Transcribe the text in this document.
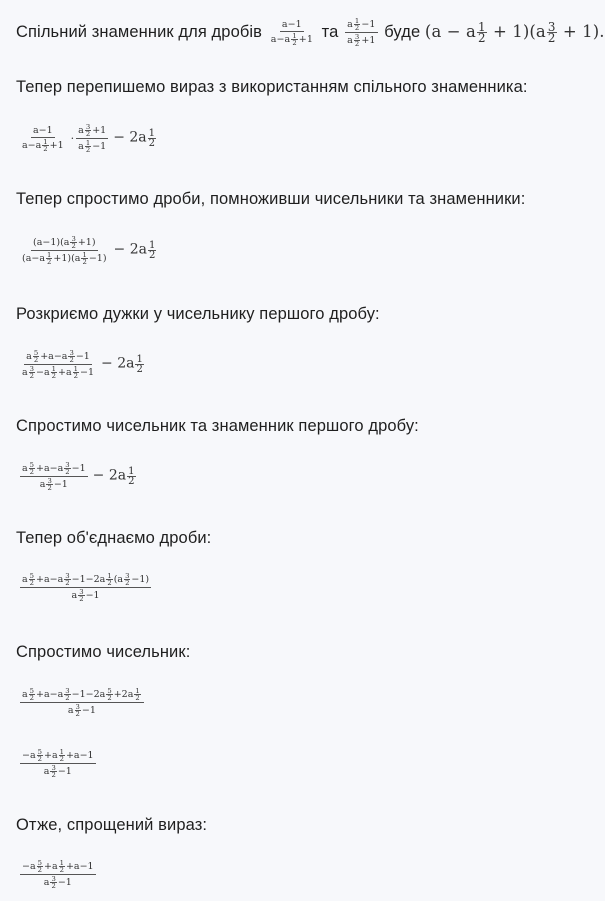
Спільний знаменник для дробів $\frac{a-1}{a-a \frac{1}{2} +1}$ та $\frac{a \frac{1}{2} -1}{a \frac{3}{2} +1}$ буде (a − a $\frac{1}{2} + 1)(a \frac{3}{2} + 1)$.
Тепер перепишемо вираз з використанням спільного знаменника:
$\frac{a-1}{a-a \frac{1}{2} +1} \cdot \frac{a \frac{3}{2} +1}{a \frac{1}{2} -1} - 2a \frac{1}{2}$
Тепер спростимо дроби, помноживши чисельники та знаменники:
$\frac{(a-1)(a \frac{3}{2} +1)}{(a-a \frac{1}{2} +1)(a \frac{1}{2} -1)} - 2a \frac{1}{2}$
Розкриємо дужки у чисельнику першого дробу:
$\frac{a \frac{5}{2} +a-a \frac{3}{2} -1}{a \frac{3}{2} -a \frac{1}{2} +a \frac{1}{2} -1} - 2a \frac{1}{2}$
Спростимо чисельник та знаменник першого дробу:
$\frac{a \frac{5}{2} +a-a \frac{3}{2} -1}{a \frac{3}{2} -1} - 2a \frac{1}{2}$
Тепер об'єднаємо дроби:
$\frac{a \frac{5}{2} +a-a \frac{3}{2} -1-2a \frac{1}{2} (a \frac{3}{2} -1)}{a \frac{3}{2} -1}$
Спростимо чисельник:
$\frac{a \frac{5}{2} +a-a \frac{3}{2} -1-2a \frac{5}{2} +2a \frac{1}{2}}{a \frac{3}{2} -1}$
$\frac{-a \frac{5}{2} +a \frac{1}{2} +a-1}{a \frac{3}{2} -1}$
Отже, спрощений вираз:
$\frac{-a \frac{5}{2} +a \frac{1}{2} +a-1}{a \frac{3}{2} -1}$
